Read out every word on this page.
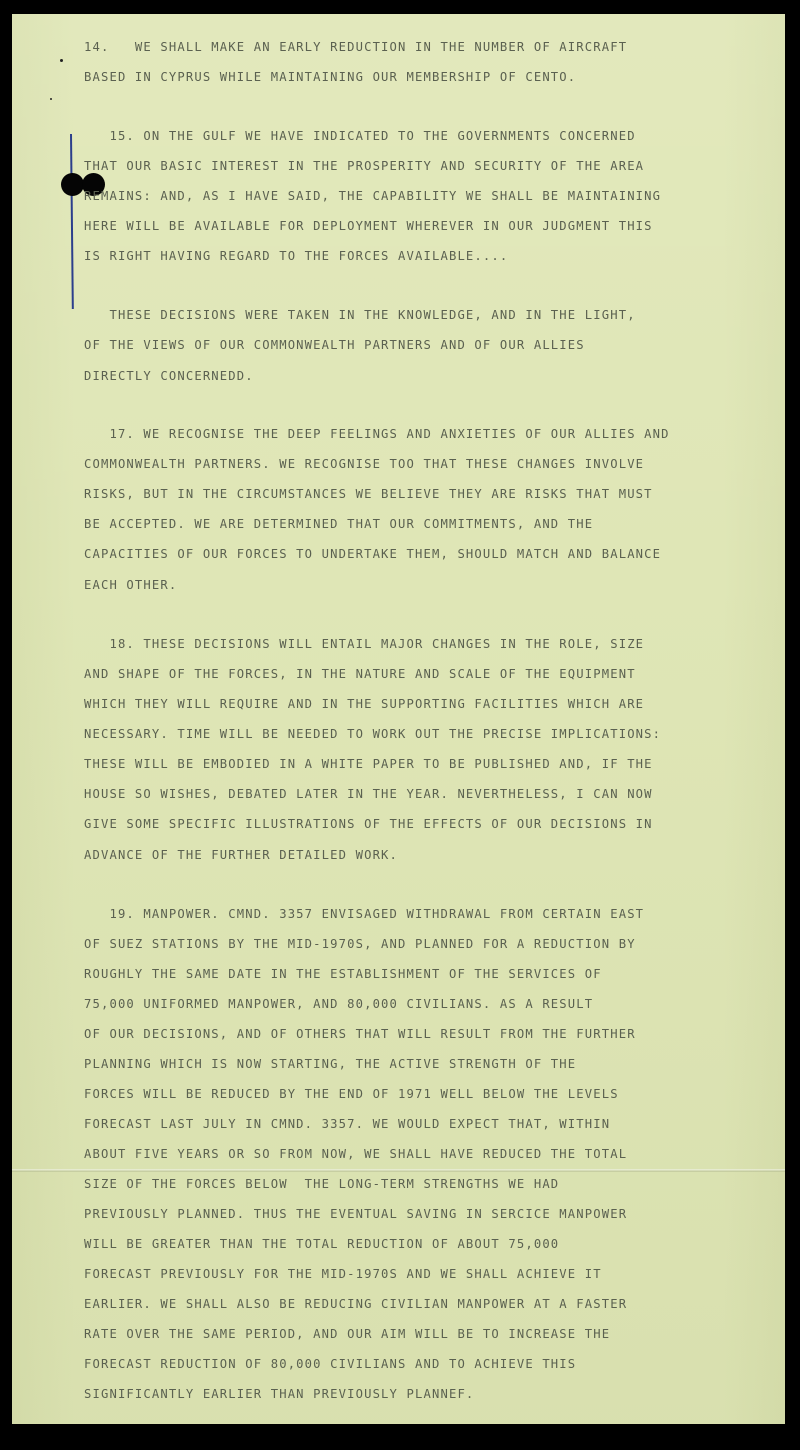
14.   WE SHALL MAKE AN EARLY REDUCTION IN THE NUMBER OF AIRCRAFT
BASED IN CYPRUS WHILE MAINTAINING OUR MEMBERSHIP OF CENTO.
15. ON THE GULF WE HAVE INDICATED TO THE GOVERNMENTS CONCERNED
THAT OUR BASIC INTEREST IN THE PROSPERITY AND SECURITY OF THE AREA
REMAINS: AND, AS I HAVE SAID, THE CAPABILITY WE SHALL BE MAINTAINING
HERE WILL BE AVAILABLE FOR DEPLOYMENT WHEREVER IN OUR JUDGMENT THIS
IS RIGHT HAVING REGARD TO THE FORCES AVAILABLE....
THESE DECISIONS WERE TAKEN IN THE KNOWLEDGE, AND IN THE LIGHT,
OF THE VIEWS OF OUR COMMONWEALTH PARTNERS AND OF OUR ALLIES
DIRECTLY CONCERNEDD.
17. WE RECOGNISE THE DEEP FEELINGS AND ANXIETIES OF OUR ALLIES AND
COMMONWEALTH PARTNERS. WE RECOGNISE TOO THAT THESE CHANGES INVOLVE
RISKS, BUT IN THE CIRCUMSTANCES WE BELIEVE THEY ARE RISKS THAT MUST
BE ACCEPTED. WE ARE DETERMINED THAT OUR COMMITMENTS, AND THE
CAPACITIES OF OUR FORCES TO UNDERTAKE THEM, SHOULD MATCH AND BALANCE
EACH OTHER.
18. THESE DECISIONS WILL ENTAIL MAJOR CHANGES IN THE ROLE, SIZE
AND SHAPE OF THE FORCES, IN THE NATURE AND SCALE OF THE EQUIPMENT
WHICH THEY WILL REQUIRE AND IN THE SUPPORTING FACILITIES WHICH ARE
NECESSARY. TIME WILL BE NEEDED TO WORK OUT THE PRECISE IMPLICATIONS:
THESE WILL BE EMBODIED IN A WHITE PAPER TO BE PUBLISHED AND, IF THE
HOUSE SO WISHES, DEBATED LATER IN THE YEAR. NEVERTHELESS, I CAN NOW
GIVE SOME SPECIFIC ILLUSTRATIONS OF THE EFFECTS OF OUR DECISIONS IN
ADVANCE OF THE FURTHER DETAILED WORK.
19. MANPOWER. CMND. 3357 ENVISAGED WITHDRAWAL FROM CERTAIN EAST
OF SUEZ STATIONS BY THE MID-1970S, AND PLANNED FOR A REDUCTION BY
ROUGHLY THE SAME DATE IN THE ESTABLISHMENT OF THE SERVICES OF
75,000 UNIFORMED MANPOWER, AND 80,000 CIVILIANS. AS A RESULT
OF OUR DECISIONS, AND OF OTHERS THAT WILL RESULT FROM THE FURTHER
PLANNING WHICH IS NOW STARTING, THE ACTIVE STRENGTH OF THE
FORCES WILL BE REDUCED BY THE END OF 1971 WELL BELOW THE LEVELS
FORECAST LAST JULY IN CMND. 3357. WE WOULD EXPECT THAT, WITHIN
ABOUT FIVE YEARS OR SO FROM NOW, WE SHALL HAVE REDUCED THE TOTAL
SIZE OF THE FORCES BELOW  THE LONG-TERM STRENGTHS WE HAD
PREVIOUSLY PLANNED. THUS THE EVENTUAL SAVING IN SERCICE MANPOWER
WILL BE GREATER THAN THE TOTAL REDUCTION OF ABOUT 75,000
FORECAST PREVIOUSLY FOR THE MID-1970S AND WE SHALL ACHIEVE IT
EARLIER. WE SHALL ALSO BE REDUCING CIVILIAN MANPOWER AT A FASTER
RATE OVER THE SAME PERIOD, AND OUR AIM WILL BE TO INCREASE THE
FORECAST REDUCTION OF 80,000 CIVILIANS AND TO ACHIEVE THIS
SIGNIFICANTLY EARLIER THAN PREVIOUSLY PLANNEF.
